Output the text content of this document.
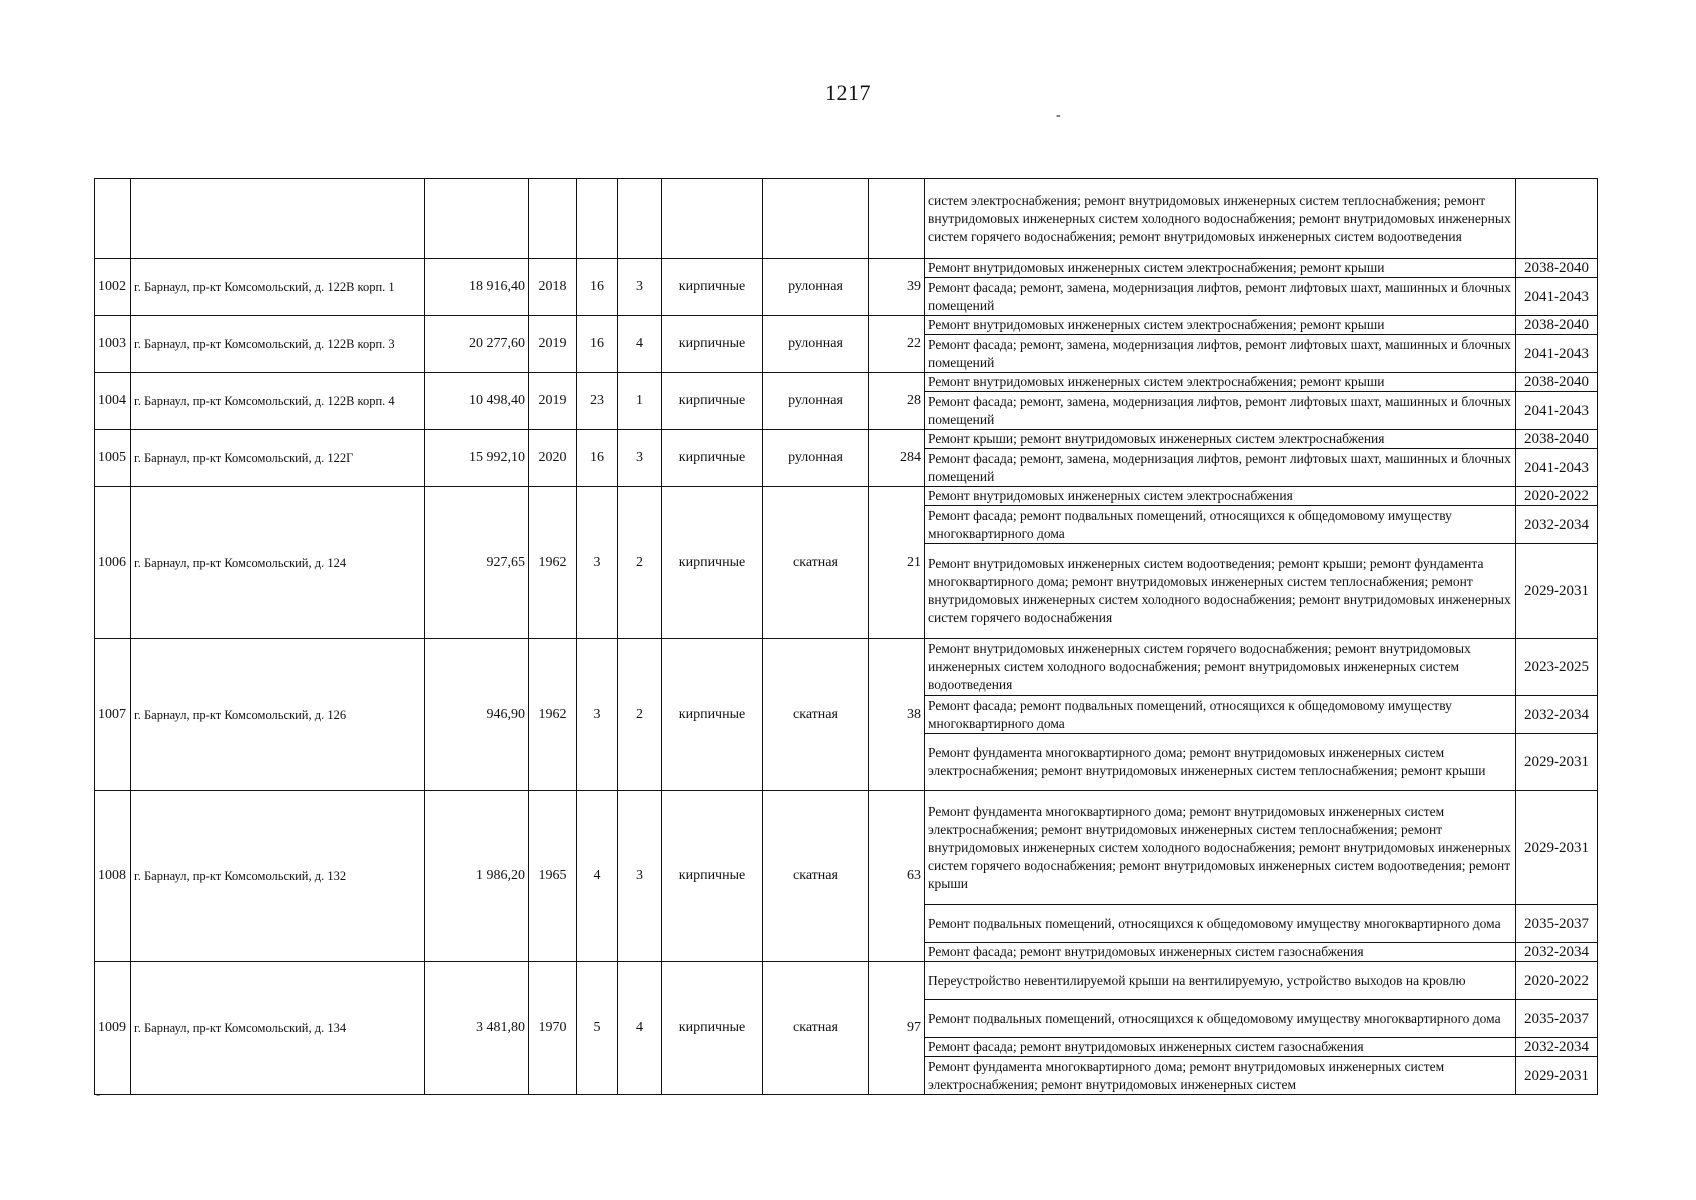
1217
-
-
									систем электроснабжения; ремонт внутридомовых инженерных систем теплоснабжения; ремонт внутридомовых инженерных систем холодного водоснабжения; ремонт внутридомовых инженерных систем горячего водоснабжения; ремонт внутридомовых инженерных систем водоотведения	
1002	г. Барнаул, пр-кт Комсомольский, д. 122В корп. 1	18 916,40	2018	16	3	кирпичные	рулонная	39	Ремонт внутридомовых инженерных систем электроснабжения; ремонт крыши	2038-2040
									Ремонт фасада; ремонт, замена, модернизация лифтов, ремонт лифтовых шахт, машинных и блочных помещений	2041-2043
1003	г. Барнаул, пр-кт Комсомольский, д. 122В корп. 3	20 277,60	2019	16	4	кирпичные	рулонная	22	Ремонт внутридомовых инженерных систем электроснабжения; ремонт крыши	2038-2040
									Ремонт фасада; ремонт, замена, модернизация лифтов, ремонт лифтовых шахт, машинных и блочных помещений	2041-2043
1004	г. Барнаул, пр-кт Комсомольский, д. 122В корп. 4	10 498,40	2019	23	1	кирпичные	рулонная	28	Ремонт внутридомовых инженерных систем электроснабжения; ремонт крыши	2038-2040
									Ремонт фасада; ремонт, замена, модернизация лифтов, ремонт лифтовых шахт, машинных и блочных помещений	2041-2043
1005	г. Барнаул, пр-кт Комсомольский, д. 122Г	15 992,10	2020	16	3	кирпичные	рулонная	284	Ремонт крыши; ремонт внутридомовых инженерных систем электроснабжения	2038-2040
									Ремонт фасада; ремонт, замена, модернизация лифтов, ремонт лифтовых шахт, машинных и блочных помещений	2041-2043
1006	г. Барнаул, пр-кт Комсомольский, д. 124	927,65	1962	3	2	кирпичные	скатная	21	Ремонт внутридомовых инженерных систем электроснабжения	2020-2022
									Ремонт фасада; ремонт подвальных помещений, относящихся к общедомовому имуществу многоквартирного дома	2032-2034
									Ремонт внутридомовых инженерных систем водоотведения; ремонт крыши; ремонт фундамента многоквартирного дома; ремонт внутридомовых инженерных систем теплоснабжения; ремонт внутридомовых инженерных систем холодного водоснабжения; ремонт внутридомовых инженерных систем горячего водоснабжения	2029-2031
1007	г. Барнаул, пр-кт Комсомольский, д. 126	946,90	1962	3	2	кирпичные	скатная	38	Ремонт внутридомовых инженерных систем горячего водоснабжения; ремонт внутридомовых инженерных систем холодного водоснабжения; ремонт внутридомовых инженерных систем водоотведения	2023-2025
									Ремонт фасада; ремонт подвальных помещений, относящихся к общедомовому имуществу многоквартирного дома	2032-2034
									Ремонт фундамента многоквартирного дома; ремонт внутридомовых инженерных систем электроснабжения; ремонт внутридомовых инженерных систем теплоснабжения; ремонт крыши	2029-2031
1008	г. Барнаул, пр-кт Комсомольский, д. 132	1 986,20	1965	4	3	кирпичные	скатная	63	Ремонт фундамента многоквартирного дома; ремонт внутридомовых инженерных систем электроснабжения; ремонт внутридомовых инженерных систем теплоснабжения; ремонт внутридомовых инженерных систем холодного водоснабжения; ремонт внутридомовых инженерных систем горячего водоснабжения; ремонт внутридомовых инженерных систем водоотведения; ремонт крыши	2029-2031
									Ремонт подвальных помещений, относящихся к общедомовому имуществу многоквартирного дома	2035-2037
									Ремонт фасада; ремонт внутридомовых инженерных систем газоснабжения	2032-2034
1009	г. Барнаул, пр-кт Комсомольский, д. 134	3 481,80	1970	5	4	кирпичные	скатная	97	Переустройство невентилируемой крыши на вентилируемую, устройство выходов на кровлю	2020-2022
									Ремонт подвальных помещений, относящихся к общедомовому имуществу многоквартирного дома	2035-2037
									Ремонт фасада; ремонт внутридомовых инженерных систем газоснабжения	2032-2034
									Ремонт фундамента многоквартирного дома; ремонт внутридомовых инженерных систем электроснабжения; ремонт внутридомовых инженерных систем	2029-2031
